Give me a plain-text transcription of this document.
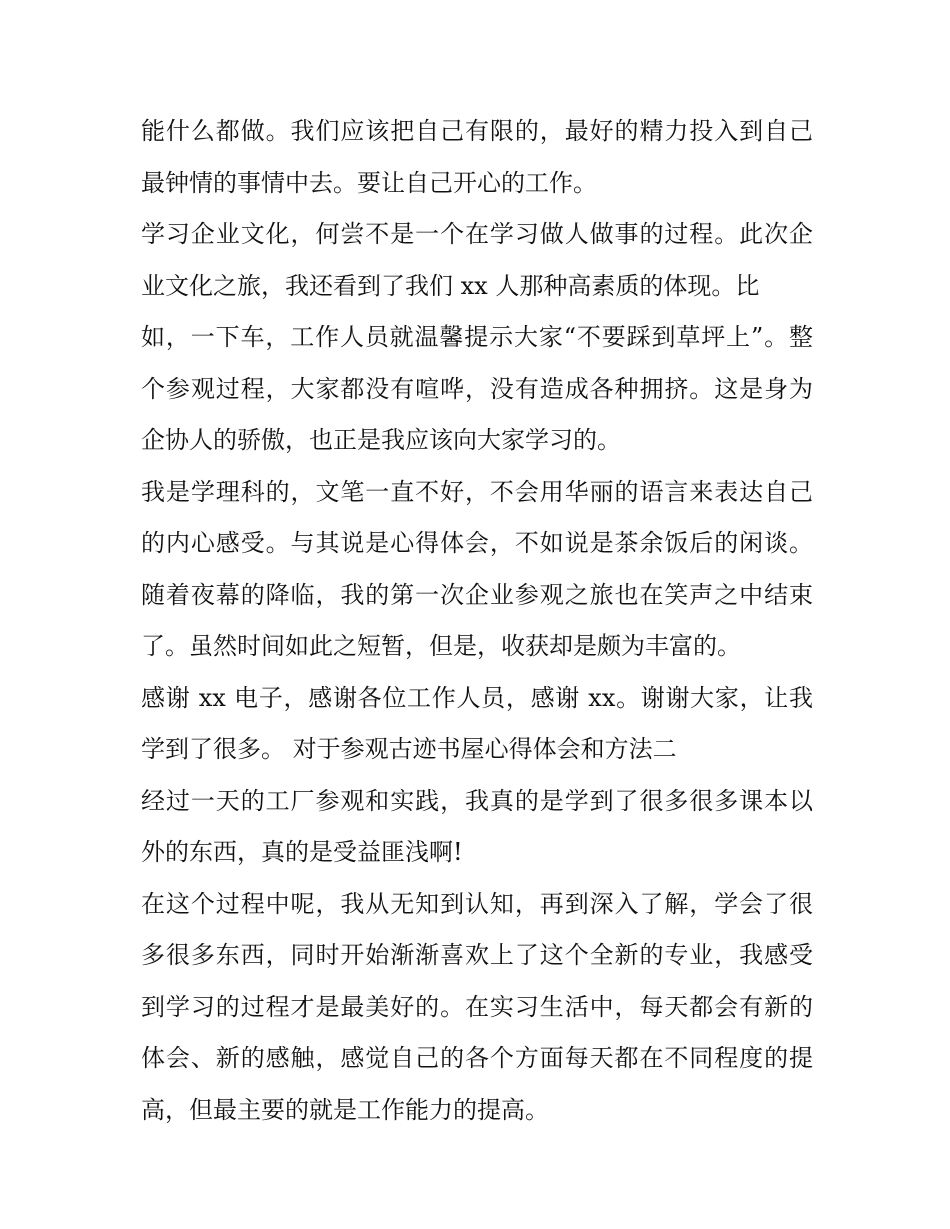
能什么都做。我们应该把自己有限的，最好的精力投入到自己
最钟情的事情中去。要让自己开心的工作。
学习企业文化，何尝不是一个在学习做人做事的过程。此次企
业文化之旅，我还看到了我们 xx 人那种高素质的体现。比
如，一下车，工作人员就温馨提示大家“不要踩到草坪上”。整
个参观过程，大家都没有喧哗，没有造成各种拥挤。这是身为
企协人的骄傲，也正是我应该向大家学习的。
我是学理科的，文笔一直不好，不会用华丽的语言来表达自己
的内心感受。与其说是心得体会，不如说是茶余饭后的闲谈。
随着夜幕的降临，我的第一次企业参观之旅也在笑声之中结束
了。虽然时间如此之短暂，但是，收获却是颇为丰富的。
感谢 xx 电子，感谢各位工作人员，感谢 xx。谢谢大家，让我
学到了很多。 对于参观古迹书屋心得体会和方法二
经过一天的工厂参观和实践，我真的是学到了很多很多课本以
外的东西，真的是受益匪浅啊!
在这个过程中呢，我从无知到认知，再到深入了解，学会了很
多很多东西，同时开始渐渐喜欢上了这个全新的专业，我感受
到学习的过程才是最美好的。在实习生活中，每天都会有新的
体会、新的感触，感觉自己的各个方面每天都在不同程度的提
高，但最主要的就是工作能力的提高。
